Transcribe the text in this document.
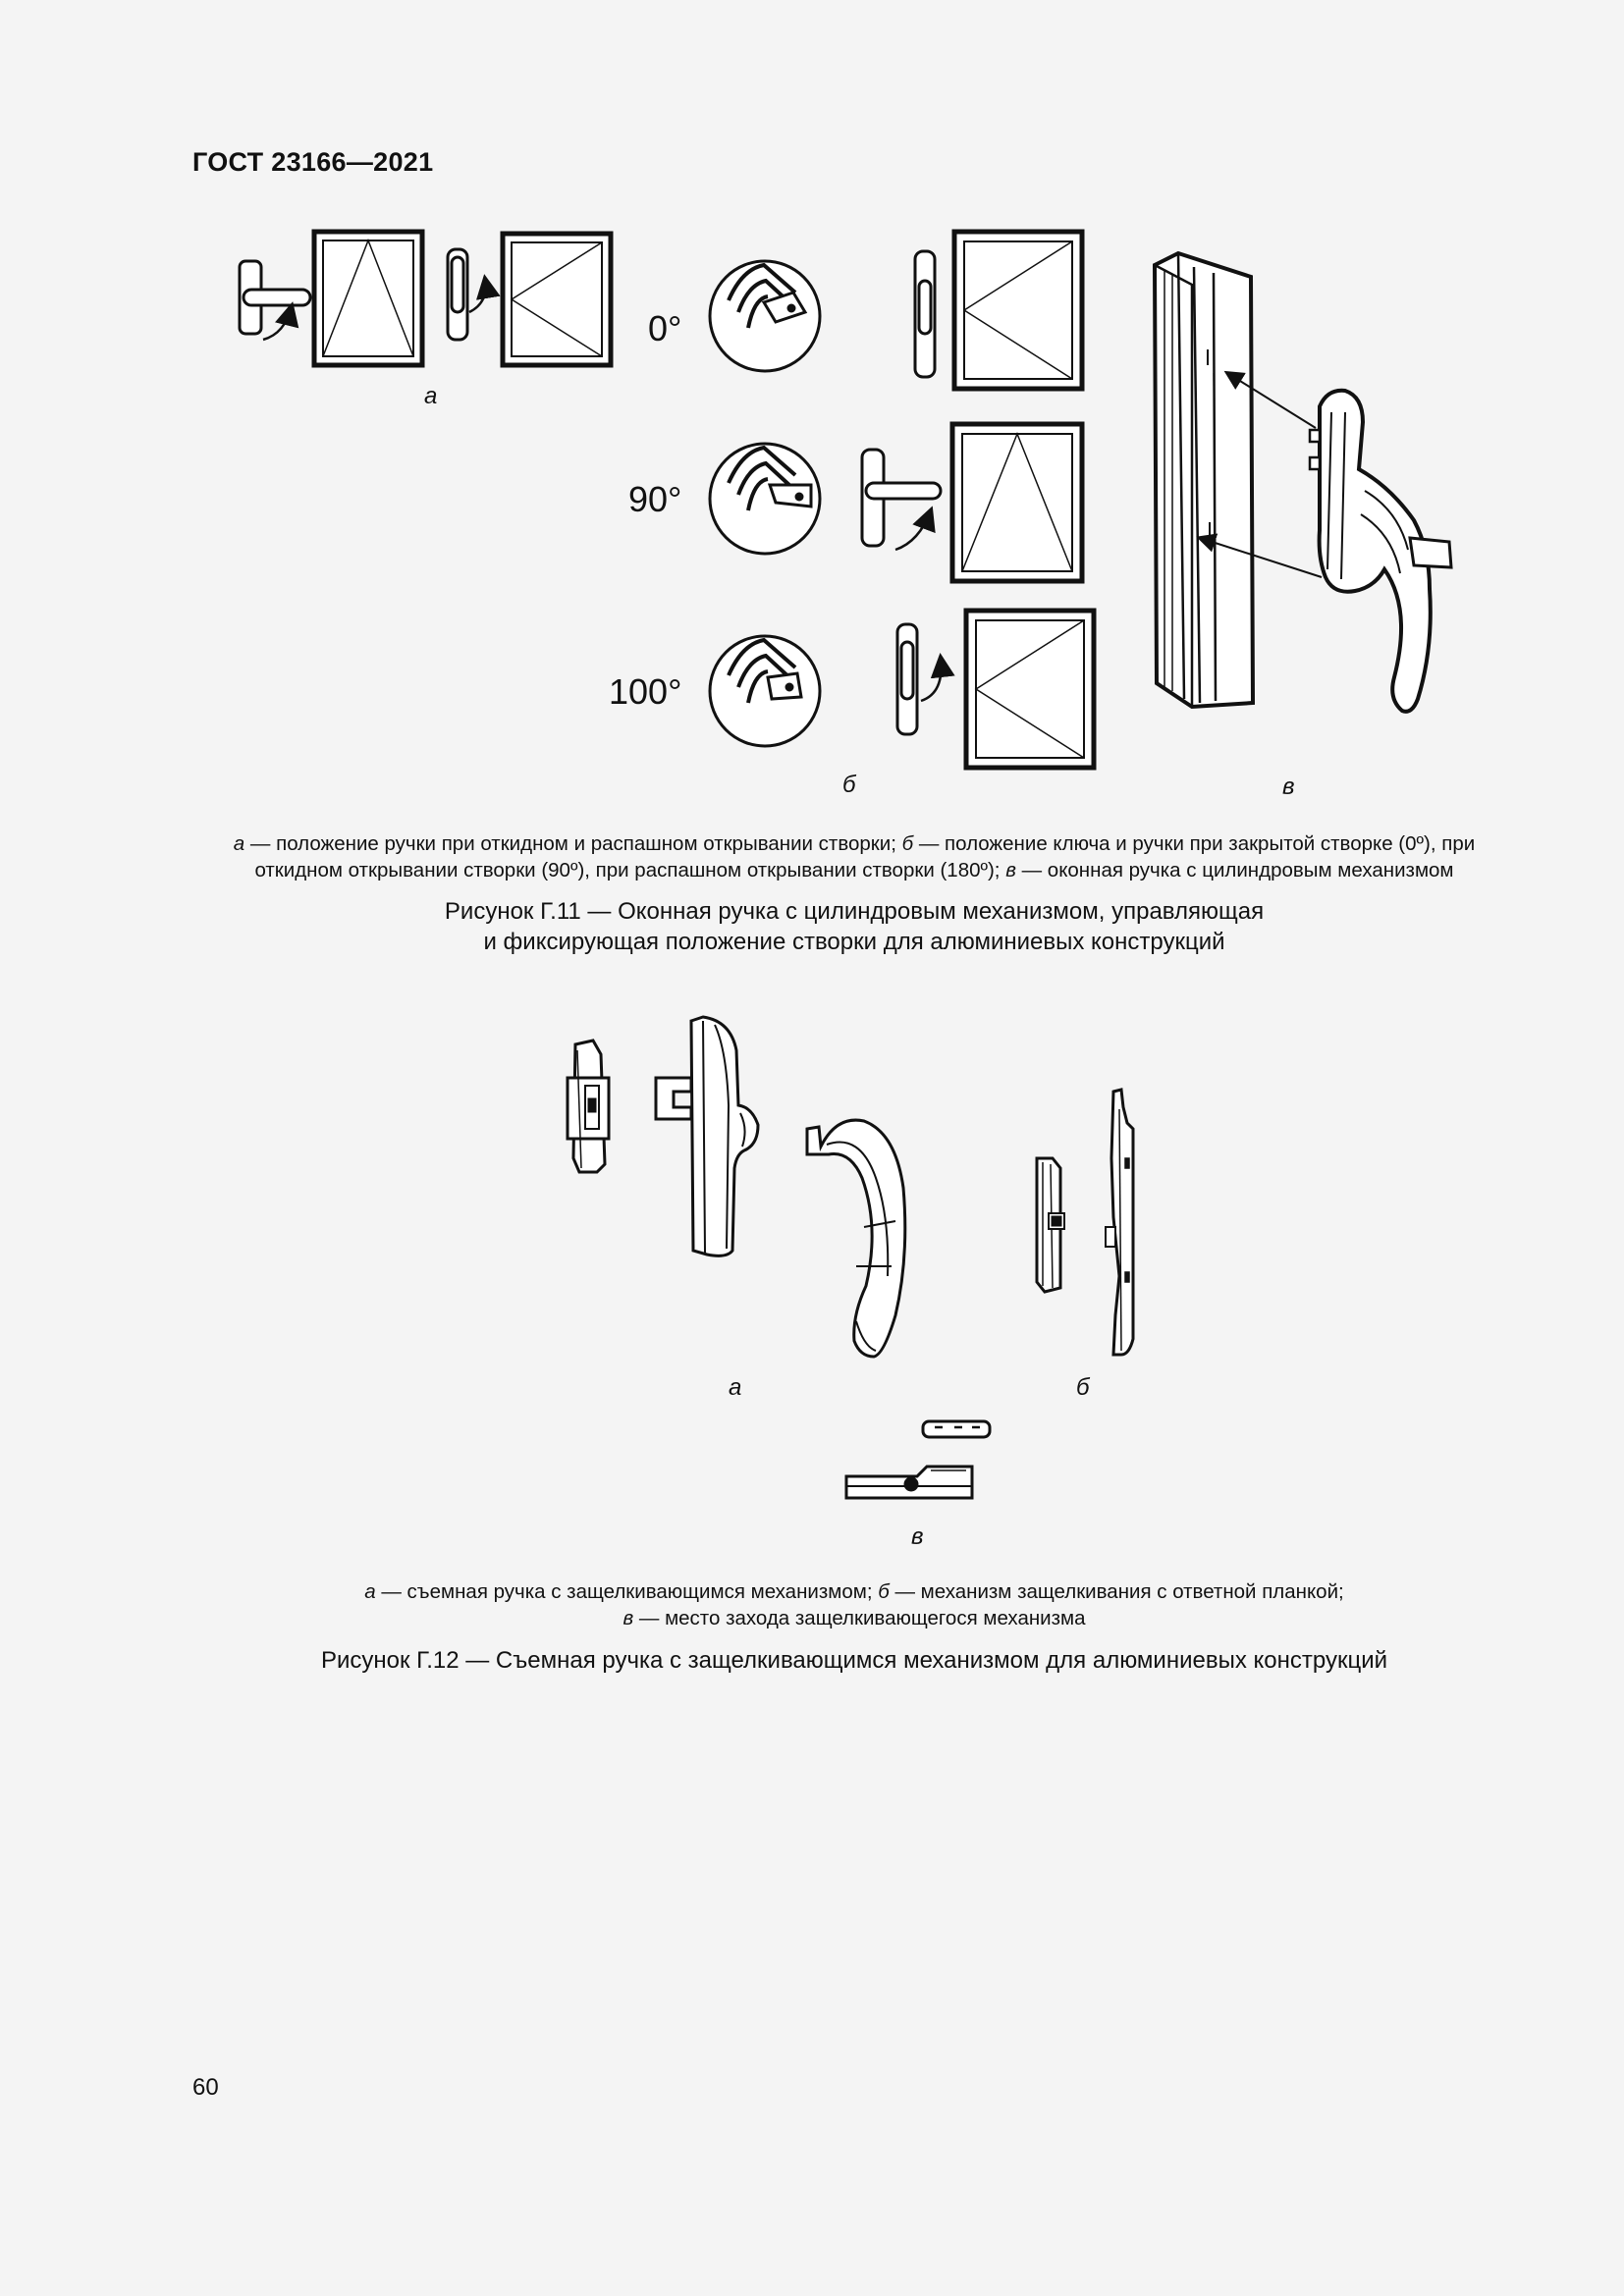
ГОСТ 23166—2021
а
0°
90°
100°
б	в
а — положение ручки при откидном и распашном открывании створки; б — положение ключа и ручки при закрытой створке (0º), при
откидном открывании створки (90º), при распашном открывании створки (180º); в — оконная ручка с цилиндровым механизмом
Рисунок Г.11 — Оконная ручка с цилиндровым механизмом, управляющая
и фиксирующая положение створки для алюминиевых конструкций
а	б
в
а — съемная ручка с защелкивающимся механизмом; б — механизм защелкивания с ответной планкой;
в — место захода защелкивающегося механизма
Рисунок Г.12 — Съемная ручка с защелкивающимся механизмом для алюминиевых конструкций
60
